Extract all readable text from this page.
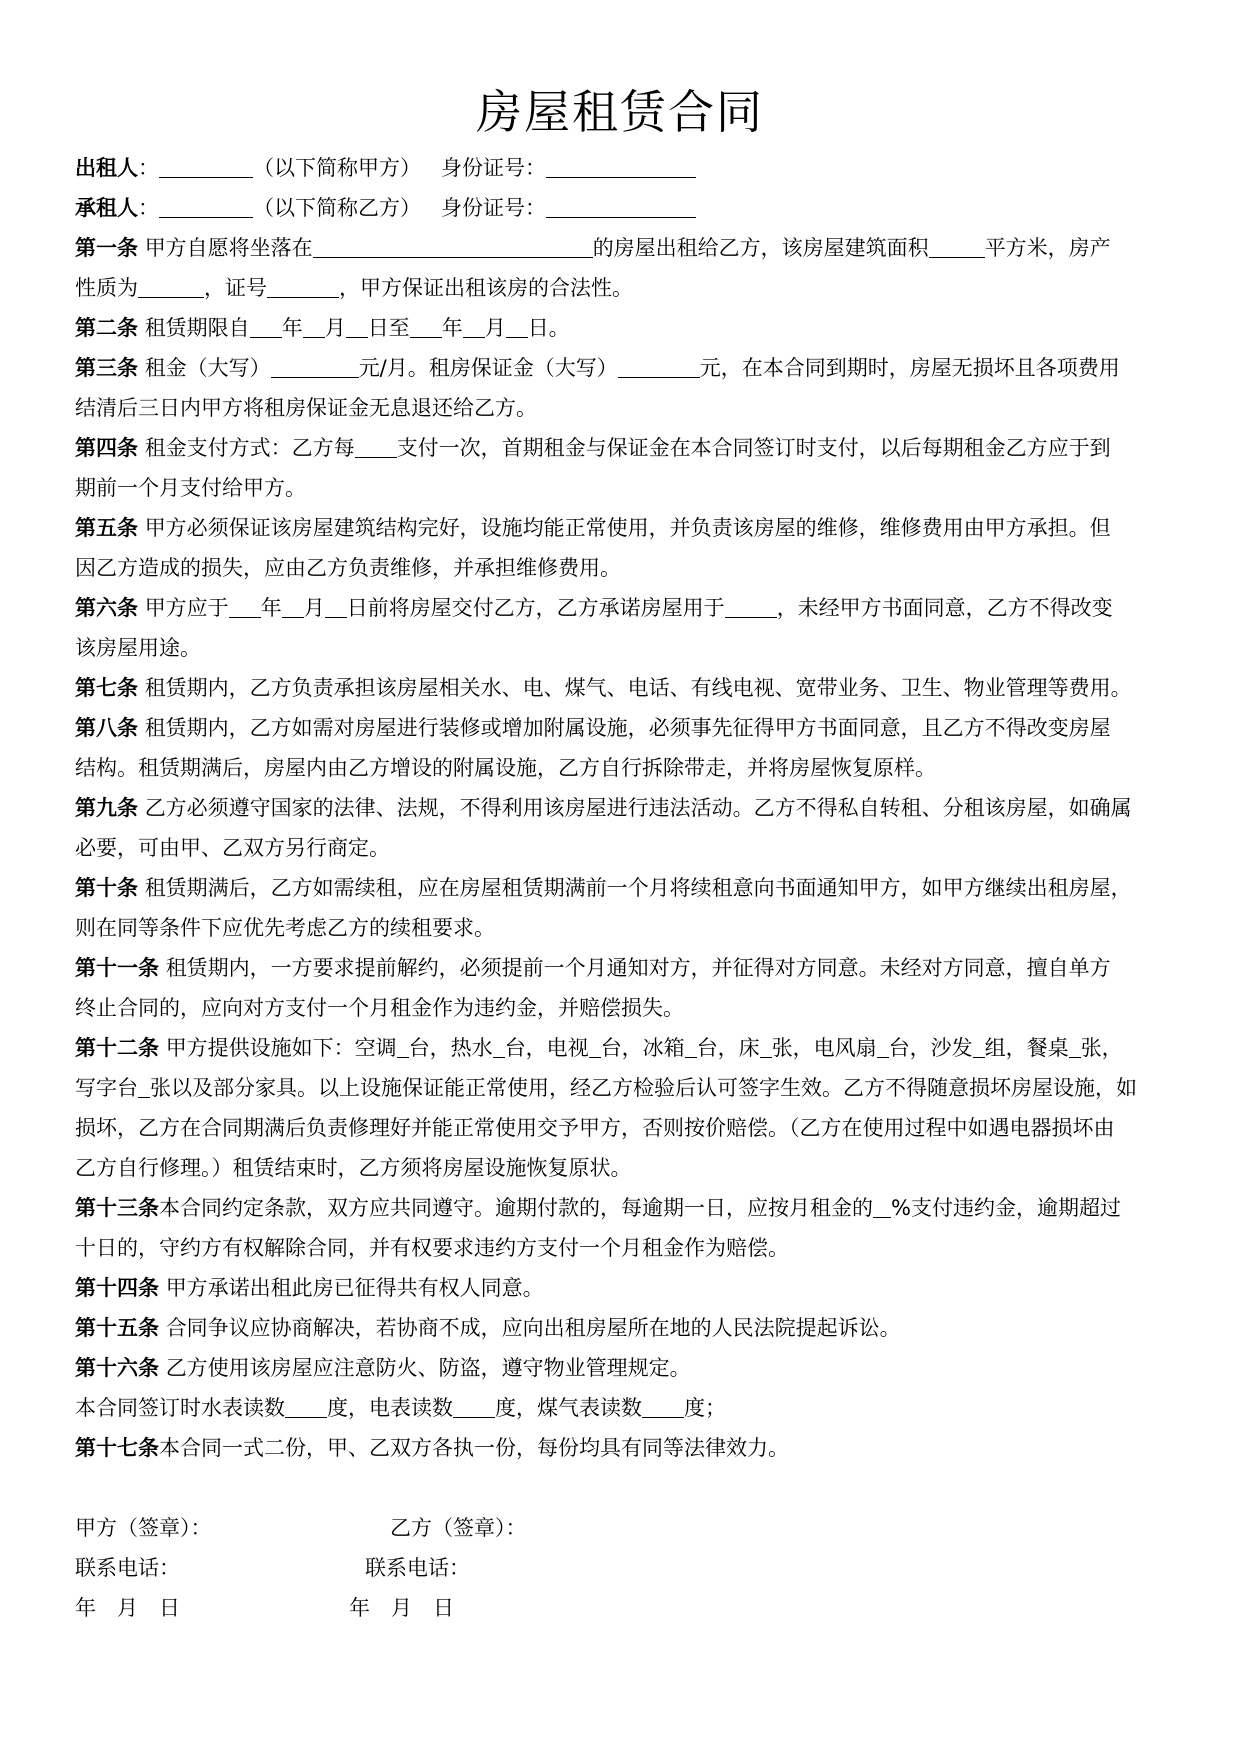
房屋租赁合同
出租人：	（以下简称甲方） 身份证号：
承租人：	（以下简称乙方） 身份证号：
第一条 甲方自愿将坐落在	的房屋出租给乙方，该房屋建筑面积	平方米，房产
性质为	，证号	，甲方保证出租该房的合法性。
第二条 租赁期限自 年 月 日至 年 月 日。
第三条 租金（大写）	元/月。租房保证金（大写）	元，在本合同到期时，房屋无损坏且各项费用
结清后三日内甲方将租房保证金无息退还给乙方。
第四条 租金支付方式：乙方每 支付一次，首期租金与保证金在本合同签订时支付，以后每期租金乙方应于到
期前一个月支付给甲方。
第五条 甲方必须保证该房屋建筑结构完好，设施均能正常使用，并负责该房屋的维修，维修费用由甲方承担。但
因乙方造成的损失，应由乙方负责维修，并承担维修费用。
第六条 甲方应于 年 月 日前将房屋交付乙方，乙方承诺房屋用于 ，未经甲方书面同意，乙方不得改变
该房屋用途。
第七条 租赁期内，乙方负责承担该房屋相关水、电、煤气、电话、有线电视、宽带业务、卫生、物业管理等费用。
第八条 租赁期内，乙方如需对房屋进行装修或增加附属设施，必须事先征得甲方书面同意，且乙方不得改变房屋
结构。租赁期满后，房屋内由乙方增设的附属设施，乙方自行拆除带走，并将房屋恢复原样。
第九条 乙方必须遵守国家的法律、法规，不得利用该房屋进行违法活动。乙方不得私自转租、分租该房屋，如确属
必要，可由甲、乙双方另行商定。
第十条 租赁期满后，乙方如需续租，应在房屋租赁期满前一个月将续租意向书面通知甲方，如甲方继续出租房屋，
则在同等条件下应优先考虑乙方的续租要求。
第十一条 租赁期内，一方要求提前解约，必须提前一个月通知对方，并征得对方同意。未经对方同意，擅自单方
终止合同的，应向对方支付一个月租金作为违约金，并赔偿损失。
第十二条 甲方提供设施如下：空调 台，热水 台，电视 台，冰箱 台，床 张，电风扇 台，沙发 组，餐桌 张，
写字台 张以及部分家具。以上设施保证能正常使用，经乙方检验后认可签字生效。乙方不得随意损坏房屋设施，如
损坏，乙方在合同期满后负责修理好并能正常使用交予甲方，否则按价赔偿。（乙方在使用过程中如遇电器损坏由
乙方自行修理。）租赁结束时，乙方须将房屋设施恢复原状。
第十三条本合同约定条款，双方应共同遵守。逾期付款的，每逾期一日，应按月租金的 %支付违约金，逾期超过
十日的，守约方有权解除合同，并有权要求违约方支付一个月租金作为赔偿。
第十四条 甲方承诺出租此房已征得共有权人同意。
第十五条 合同争议应协商解决，若协商不成，应向出租房屋所在地的人民法院提起诉讼。
第十六条 乙方使用该房屋应注意防火、防盗，遵守物业管理规定。
本合同签订时水表读数 度，电表读数 度，煤气表读数 度；
第十七条本合同一式二份，甲、乙双方各执一份，每份均具有同等法律效力。
甲方（签章）：	乙方（签章）：
联系电话：	联系电话：
年　月　日	年　月　日
